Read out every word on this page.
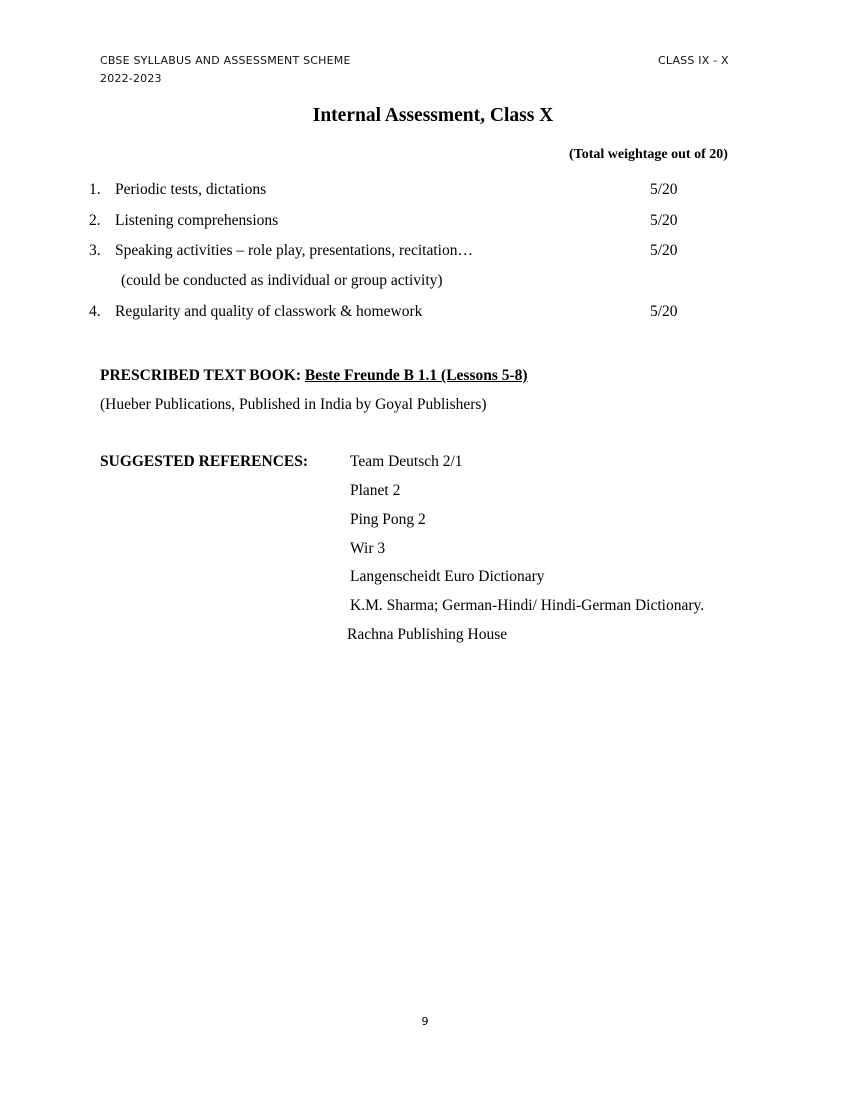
CBSE SYLLABUS AND ASSESSMENT SCHEME
2022-2023
CLASS IX - X
Internal Assessment, Class X
(Total weightage out of 20)
1. Periodic tests, dictations	5/20
2. Listening comprehensions	5/20
3. Speaking activities – role play, presentations, recitation…	5/20
(could be conducted as individual or group activity)
4. Regularity and quality of classwork & homework	5/20
PRESCRIBED TEXT BOOK: Beste Freunde B 1.1 (Lessons 5-8)
(Hueber Publications, Published in India by Goyal Publishers)
SUGGESTED REFERENCES:	Team Deutsch 2/1
Planet 2
Ping Pong 2
Wir 3
Langenscheidt Euro Dictionary
K.M. Sharma; German-Hindi/ Hindi-German Dictionary.
Rachna Publishing House
9
